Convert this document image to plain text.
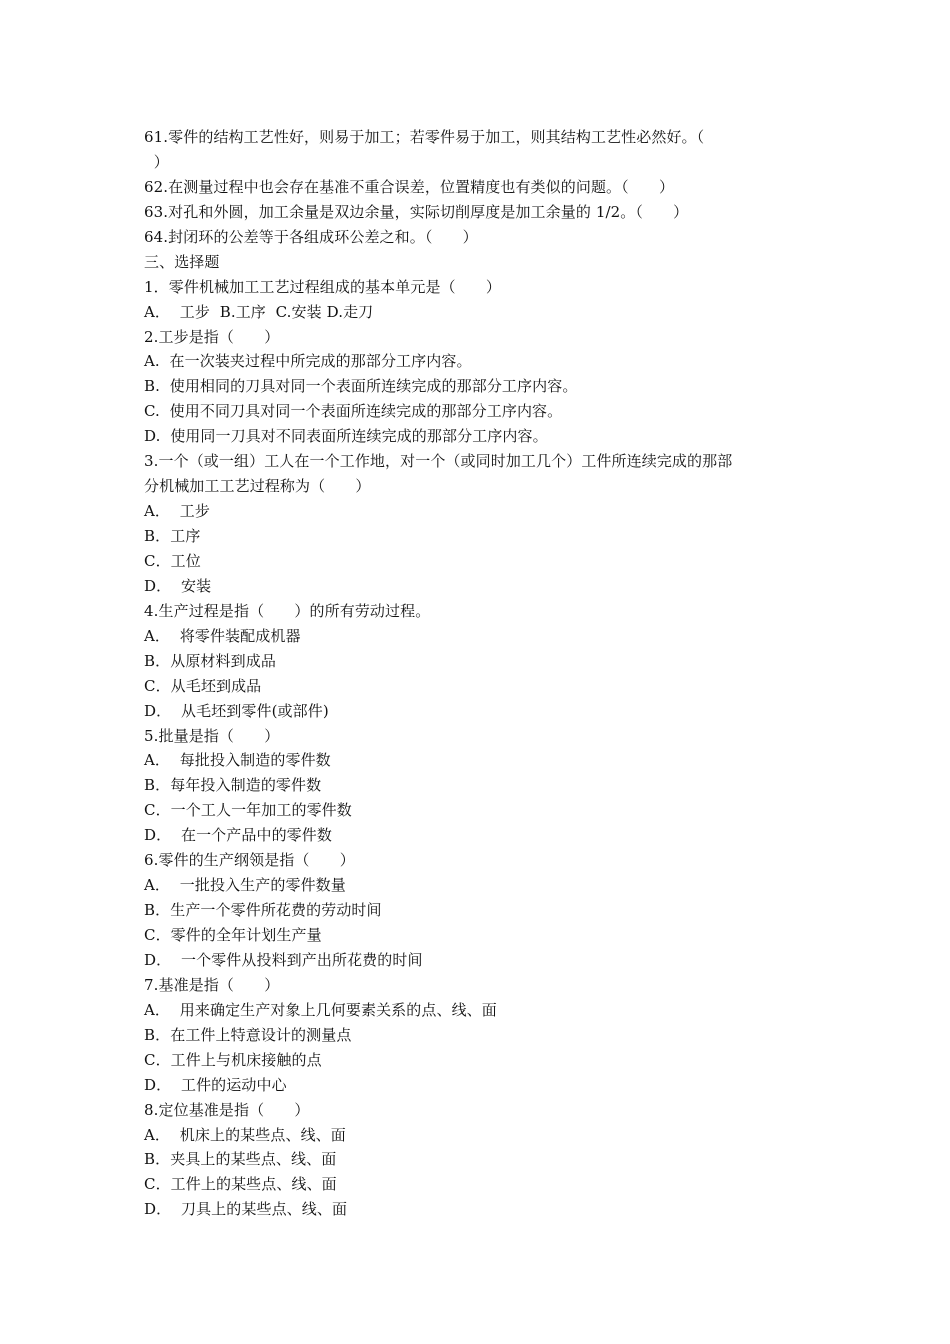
61.零件的结构工艺性好，则易于加工；若零件易于加工，则其结构工艺性必然好。（
）
62.在测量过程中也会存在基准不重合误差，位置精度也有类似的问题。（　　）
63.对孔和外圆，加工余量是双边余量，实际切削厚度是加工余量的 1/2。（　　）
64.封闭环的公差等于各组成环公差之和。（　　）
三、选择题
1．零件机械加工工艺过程组成的基本单元是（　　）
A．  工步  B.工序  C.安装 D.走刀
2.工步是指（　　）
A.  在一次装夹过程中所完成的那部分工序内容。
B.  使用相同的刀具对同一个表面所连续完成的那部分工序内容。
C.  使用不同刀具对同一个表面所连续完成的那部分工序内容。
D.  使用同一刀具对不同表面所连续完成的那部分工序内容。
3.一个（或一组）工人在一个工作地，对一个（或同时加工几个）工件所连续完成的那部
分机械加工工艺过程称为（　　）
A．  工步
B．工序
C．工位
D．  安装
4.生产过程是指（　　）的所有劳动过程。
A．  将零件装配成机器
B．从原材料到成品
C．从毛坯到成品
D．  从毛坯到零件(或部件)
5.批量是指（　　）
A．  每批投入制造的零件数
B．每年投入制造的零件数
C．一个工人一年加工的零件数
D．  在一个产品中的零件数
6.零件的生产纲领是指（　　）
A．  一批投入生产的零件数量
B．生产一个零件所花费的劳动时间
C．零件的全年计划生产量
D．  一个零件从投料到产出所花费的时间
7.基准是指（　　）
A．  用来确定生产对象上几何要素关系的点、线、面
B．在工件上特意设计的测量点
C．工件上与机床接触的点
D．  工件的运动中心
8.定位基准是指（　　）
A．  机床上的某些点、线、面
B．夹具上的某些点、线、面
C．工件上的某些点、线、面
D．  刀具上的某些点、线、面
